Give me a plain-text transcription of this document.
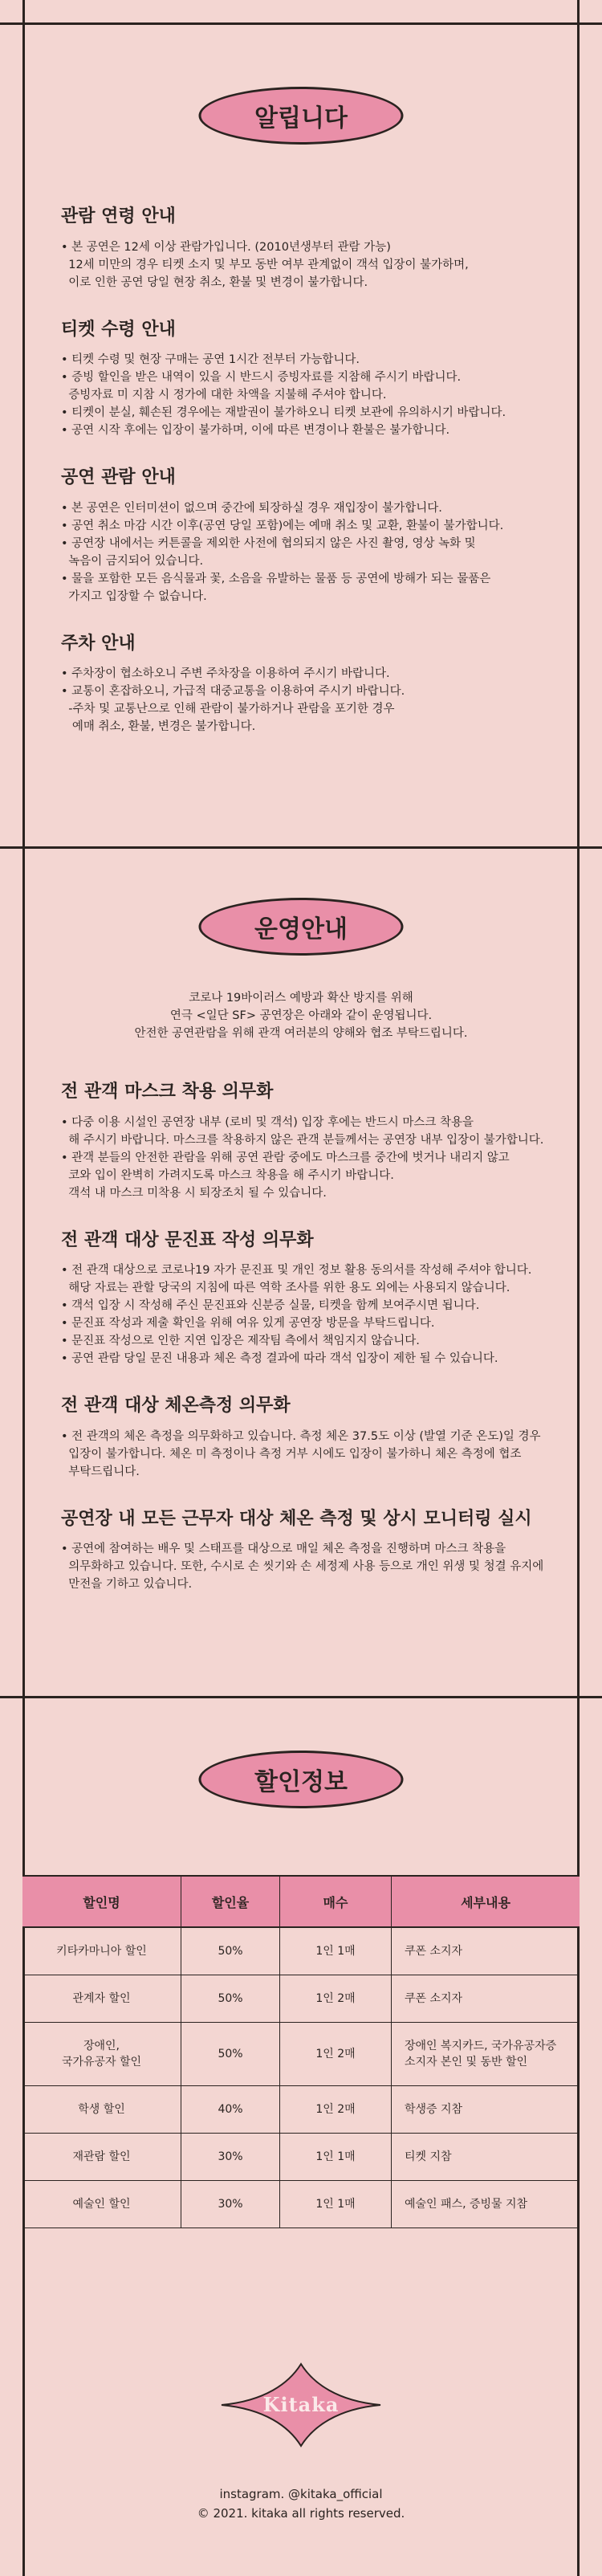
알립니다
관람 연령 안내
• 본 공연은 12세 이상 관람가입니다. (2010년생부터 관람 가능)
12세 미만의 경우 티켓 소지 및 부모 동반 여부 관계없이 객석 입장이 불가하며,
이로 인한 공연 당일 현장 취소, 환불 및 변경이 불가합니다.
티켓 수령 안내
• 티켓 수령 및 현장 구매는 공연 1시간 전부터 가능합니다.
• 증빙 할인을 받은 내역이 있을 시 반드시 증빙자료를 지참해 주시기 바랍니다.
증빙자료 미 지참 시 정가에 대한 차액을 지불해 주셔야 합니다.
• 티켓이 분실, 훼손된 경우에는 재발권이 불가하오니 티켓 보관에 유의하시기 바랍니다.
• 공연 시작 후에는 입장이 불가하며, 이에 따른 변경이나 환불은 불가합니다.
공연 관람 안내
• 본 공연은 인터미션이 없으며 중간에 퇴장하실 경우 재입장이 불가합니다.
• 공연 취소 마감 시간 이후(공연 당일 포함)에는 예매 취소 및 교환, 환불이 불가합니다.
• 공연장 내에서는 커튼콜을 제외한 사전에 협의되지 않은 사진 촬영, 영상 녹화 및
녹음이 금지되어 있습니다.
• 물을 포함한 모든 음식물과 꽃, 소음을 유발하는 물품 등 공연에 방해가 되는 물품은
가지고 입장할 수 없습니다.
주차 안내
• 주차장이 협소하오니 주변 주차장을 이용하여 주시기 바랍니다.
• 교통이 혼잡하오니, 가급적 대중교통을 이용하여 주시기 바랍니다.
-주차 및 교통난으로 인해 관람이 불가하거나 관람을 포기한 경우
예매 취소, 환불, 변경은 불가합니다.
운영안내
코로나 19바이러스 예방과 확산 방지를 위해
연극 <일단 SF> 공연장은 아래와 같이 운영됩니다.
안전한 공연관람을 위해 관객 여러분의 양해와 협조 부탁드립니다.
전 관객 마스크 착용 의무화
• 다중 이용 시설인 공연장 내부 (로비 및 객석) 입장 후에는 반드시 마스크 착용을
해 주시기 바랍니다. 마스크를 착용하지 않은 관객 분들께서는 공연장 내부 입장이 불가합니다.
• 관객 분들의 안전한 관람을 위해 공연 관람 중에도 마스크를 중간에 벗거나 내리지 않고
코와 입이 완벽히 가려지도록 마스크 착용을 해 주시기 바랍니다.
객석 내 마스크 미착용 시 퇴장조치 될 수 있습니다.
전 관객 대상 문진표 작성 의무화
• 전 관객 대상으로 코로나19 자가 문진표 및 개인 정보 활용 동의서를 작성해 주셔야 합니다.
해당 자료는 관할 당국의 지침에 따른 역학 조사를 위한 용도 외에는 사용되지 않습니다.
• 객석 입장 시 작성해 주신 문진표와 신분증 실물, 티켓을 함께 보여주시면 됩니다.
• 문진표 작성과 제출 확인을 위해 여유 있게 공연장 방문을 부탁드립니다.
• 문진표 작성으로 인한 지연 입장은 제작팀 측에서 책임지지 않습니다.
• 공연 관람 당일 문진 내용과 체온 측정 결과에 따라 객석 입장이 제한 될 수 있습니다.
전 관객 대상 체온측정 의무화
• 전 관객의 체온 측정을 의무화하고 있습니다. 측정 체온 37.5도 이상 (발열 기준 온도)일 경우
입장이 불가합니다. 체온 미 측정이나 측정 거부 시에도 입장이 불가하니 체온 측정에 협조
부탁드립니다.
공연장 내 모든 근무자 대상 체온 측정 및 상시 모니터링 실시
• 공연에 참여하는 배우 및 스태프를 대상으로 매일 체온 측정을 진행하며 마스크 착용을
의무화하고 있습니다. 또한, 수시로 손 씻기와 손 세정제 사용 등으로 개인 위생 및 청결 유지에
만전을 기하고 있습니다.
할인정보
할인명	할인율	매수	세부내용
키타카마니아 할인	50%	1인 1매	쿠폰 소지자
관계자 할인	50%	1인 2매	쿠폰 소지자
장애인,
국가유공자 할인	50%	1인 2매	장애인 복지카드, 국가유공자증
소지자 본인 및 동반 할인
학생 할인	40%	1인 2매	학생증 지참
재관람 할인	30%	1인 1매	티켓 지참
예술인 할인	30%	1인 1매	예술인 패스, 증빙물 지참
Kitaka
instagram. @kitaka_official
© 2021. kitaka all rights reserved.
